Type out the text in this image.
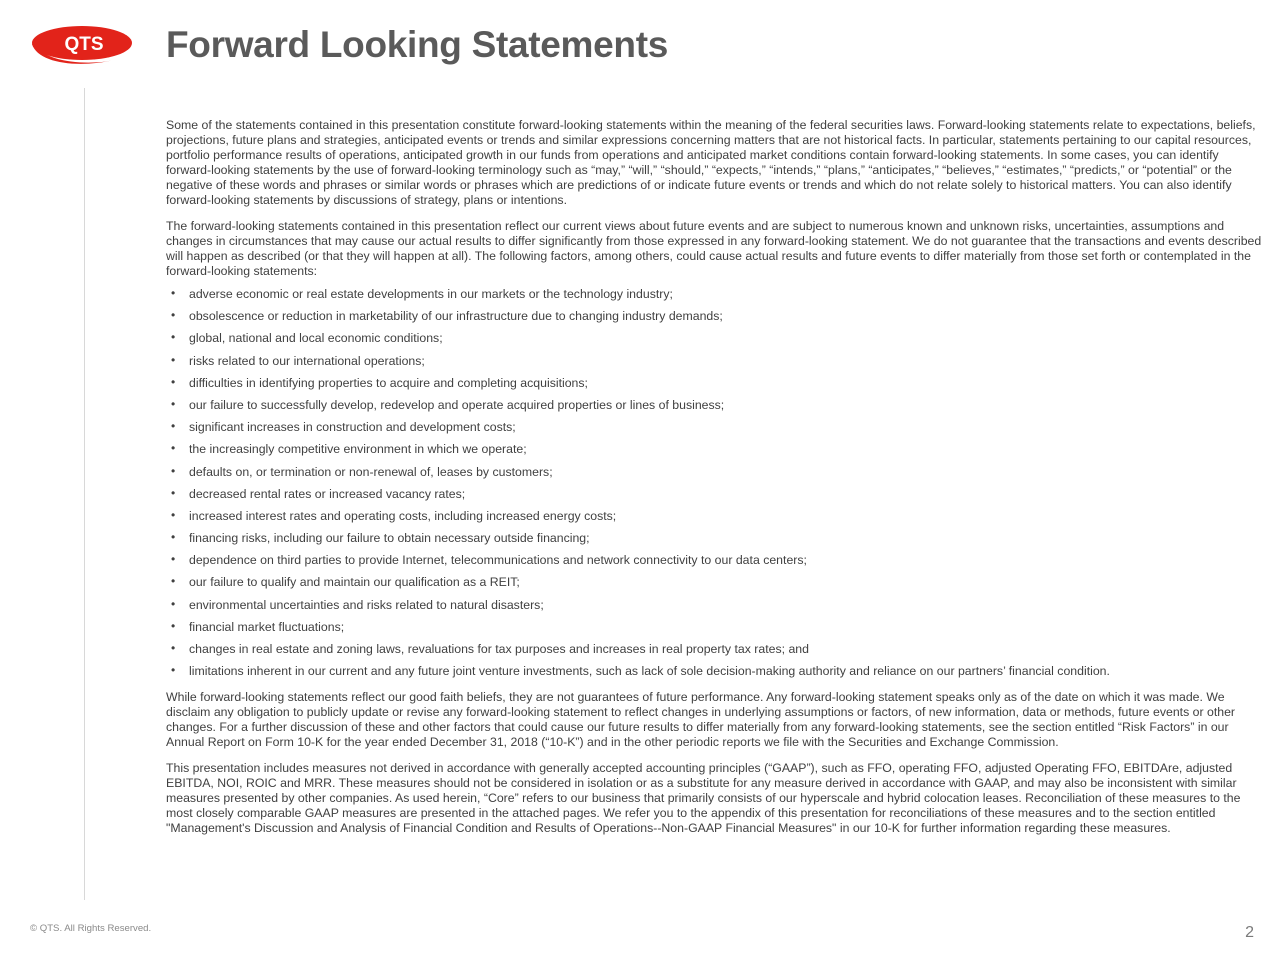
QTS
® Forward Looking Statements

Some of the statements contained in this presentation constitute forward-looking statements within the meaning of the federal securities laws. Forward-looking statements relate to expectations, beliefs, projections, future plans and strategies, anticipated events or trends and similar expressions concerning matters that are not historical facts. In particular, statements pertaining to our capital resources, portfolio performance results of operations, anticipated growth in our funds from operations and anticipated market conditions contain forward-looking statements. In some cases, you can identify forward-looking statements by the use of forward-looking terminology such as “may,” “will,” “should,” “expects,” “intends,” “plans,” “anticipates,” “believes,” “estimates,” “predicts,” or “potential” or the negative of these words and phrases or similar words or phrases which are predictions of or indicate future events or trends and which do not relate solely to historical matters. You can also identify forward-looking statements by discussions of strategy, plans or intentions.

The forward-looking statements contained in this presentation reflect our current views about future events and are subject to numerous known and unknown risks, uncertainties, assumptions and changes in circumstances that may cause our actual results to differ significantly from those expressed in any forward-looking statement. We do not guarantee that the transactions and events described will happen as described (or that they will happen at all). The following factors, among others, could cause actual results and future events to differ materially from those set forth or contemplated in the forward-looking statements:

• adverse economic or real estate developments in our markets or the technology industry;
• obsolescence or reduction in marketability of our infrastructure due to changing industry demands;
• global, national and local economic conditions;
• risks related to our international operations;
• difficulties in identifying properties to acquire and completing acquisitions;
• our failure to successfully develop, redevelop and operate acquired properties or lines of business;
• significant increases in construction and development costs;
• the increasingly competitive environment in which we operate;
• defaults on, or termination or non-renewal of, leases by customers;
• decreased rental rates or increased vacancy rates;
• increased interest rates and operating costs, including increased energy costs;
• financing risks, including our failure to obtain necessary outside financing;
• dependence on third parties to provide Internet, telecommunications and network connectivity to our data centers;
• our failure to qualify and maintain our qualification as a REIT;
• environmental uncertainties and risks related to natural disasters;
• financial market fluctuations;
• changes in real estate and zoning laws, revaluations for tax purposes and increases in real property tax rates; and
• limitations inherent in our current and any future joint venture investments, such as lack of sole decision-making authority and reliance on our partners’ financial condition.

While forward-looking statements reflect our good faith beliefs, they are not guarantees of future performance. Any forward-looking statement speaks only as of the date on which it was made. We disclaim any obligation to publicly update or revise any forward-looking statement to reflect changes in underlying assumptions or factors, of new information, data or methods, future events or other changes. For a further discussion of these and other factors that could cause our future results to differ materially from any forward-looking statements, see the section entitled “Risk Factors” in our Annual Report on Form 10-K for the year ended December 31, 2018 (“10-K”) and in the other periodic reports we file with the Securities and Exchange Commission.

This presentation includes measures not derived in accordance with generally accepted accounting principles (“GAAP”), such as FFO, operating FFO, adjusted Operating FFO, EBITDAre, adjusted EBITDA, NOI, ROIC and MRR. These measures should not be considered in isolation or as a substitute for any measure derived in accordance with GAAP, and may also be inconsistent with similar measures presented by other companies. As used herein, “Core” refers to our business that primarily consists of our hyperscale and hybrid colocation leases. Reconciliation of these measures to the most closely comparable GAAP measures are presented in the attached pages. We refer you to the appendix of this presentation for reconciliations of these measures and to the section entitled "Management's Discussion and Analysis of Financial Condition and Results of Operations--Non-GAAP Financial Measures" in our 10-K for further information regarding these measures.

© QTS. All Rights Reserved.	2
